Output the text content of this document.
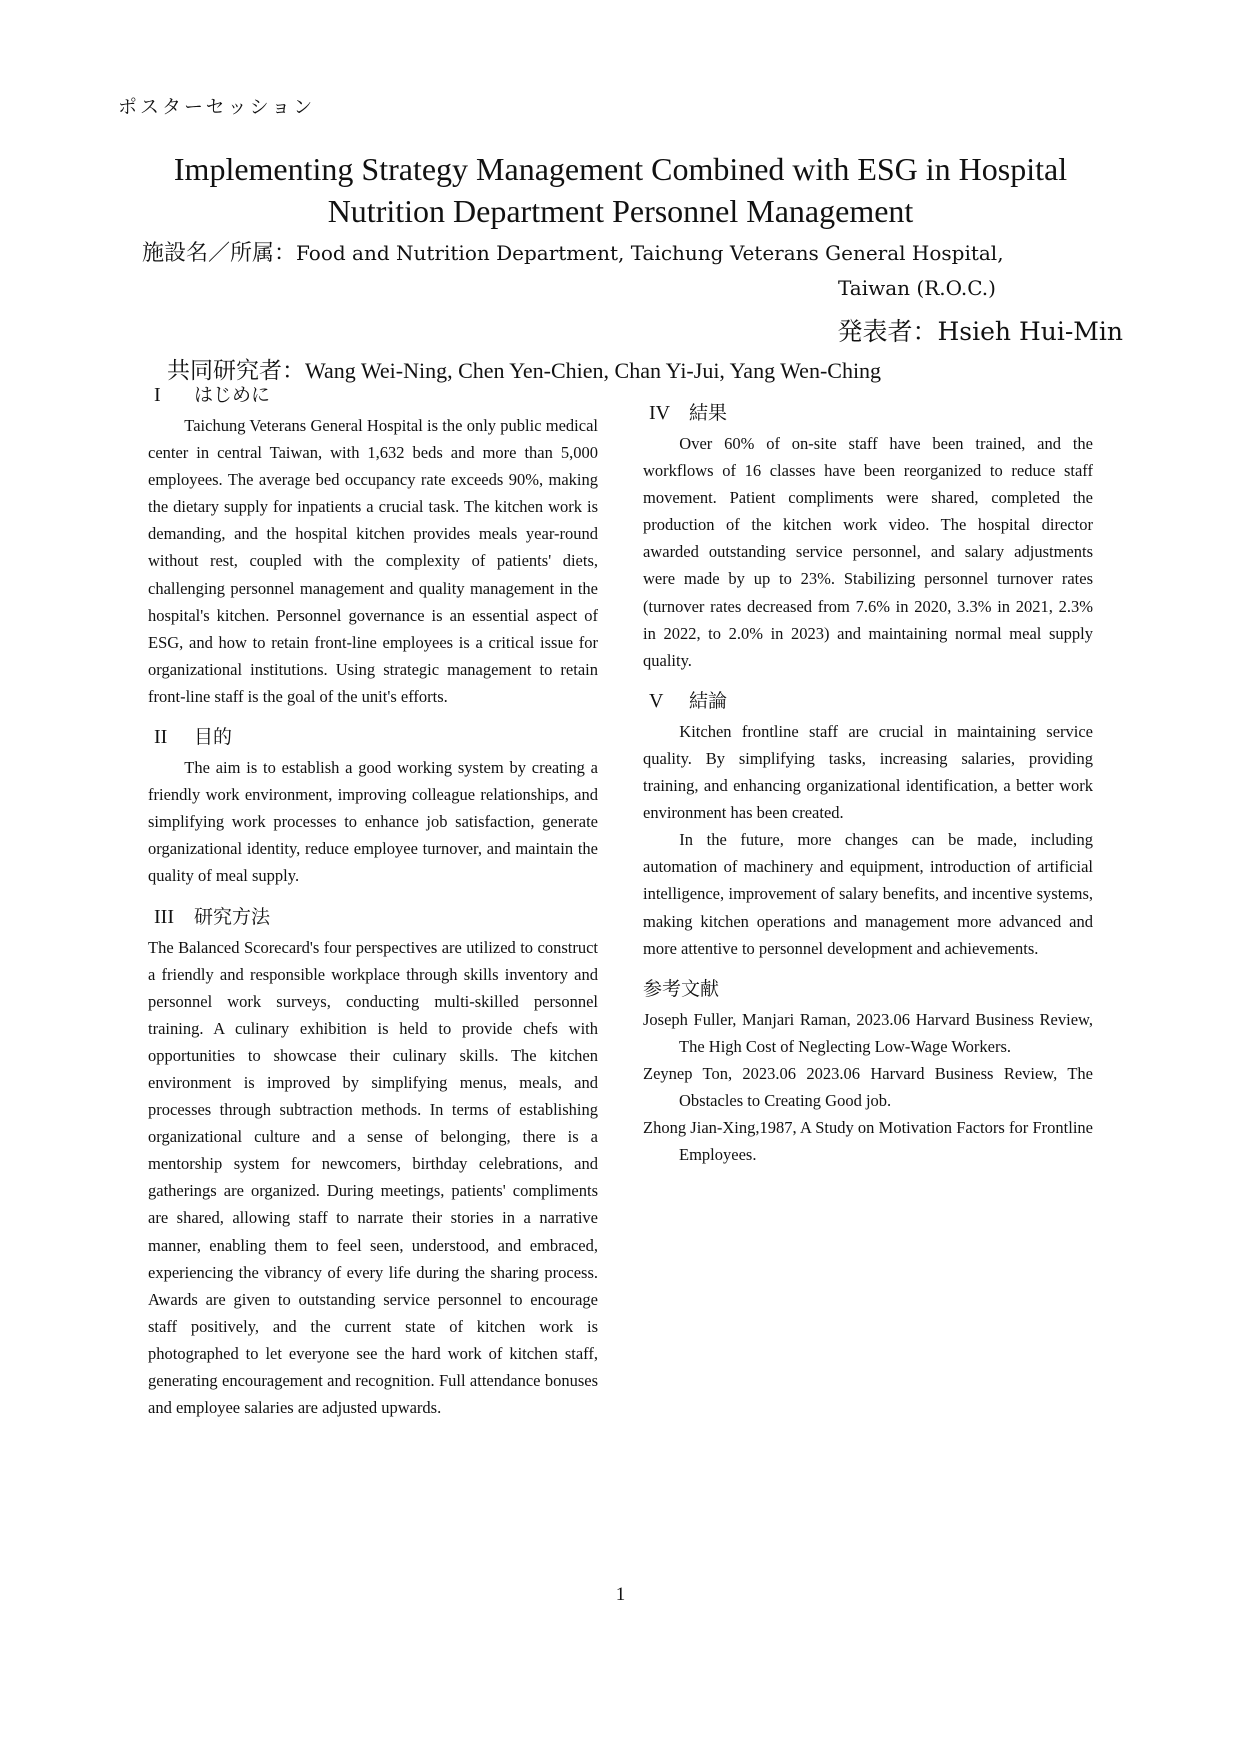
ポスターセッション
Implementing Strategy Management Combined with ESG in Hospital
Nutrition Department Personnel Management
施設名／所属：Food and Nutrition Department, Taichung Veterans General Hospital,
Taiwan (R.O.C.)
発表者：Hsieh Hui-Min
共同研究者：Wang Wei-Ning, Chen Yen-Chien, Chan Yi-Jui, Yang Wen-Ching
I はじめに

Taichung Veterans General Hospital is the only public medical center in central Taiwan, with 1,632 beds and more than 5,000 employees. The average bed occupancy rate exceeds 90%, making the dietary supply for inpatients a crucial task. The kitchen work is demanding, and the hospital kitchen provides meals year-round without rest, coupled with the complexity of patients' diets, challenging personnel management and quality management in the hospital's kitchen. Personnel governance is an essential aspect of ESG, and how to retain front-line employees is a critical issue for organizational institutions. Using strategic management to retain front-line staff is the goal of the unit's efforts.

II 目的

The aim is to establish a good working system by creating a friendly work environment, improving colleague relationships, and simplifying work processes to enhance job satisfaction, generate organizational identity, reduce employee turnover, and maintain the quality of meal supply.

III 研究方法

The Balanced Scorecard's four perspectives are utilized to construct a friendly and responsible workplace through skills inventory and personnel work surveys, conducting multi-skilled personnel training. A culinary exhibition is held to provide chefs with opportunities to showcase their culinary skills. The kitchen environment is improved by simplifying menus, meals, and processes through subtraction methods. In terms of establishing organizational culture and a sense of belonging, there is a mentorship system for newcomers, birthday celebrations, and gatherings are organized. During meetings, patients' compliments are shared, allowing staff to narrate their stories in a narrative manner, enabling them to feel seen, understood, and embraced, experiencing the vibrancy of every life during the sharing process. Awards are given to outstanding service personnel to encourage staff positively, and the current state of kitchen work is photographed to let everyone see the hard work of kitchen staff, generating encouragement and recognition. Full attendance bonuses and employee salaries are adjusted upwards.

IV 結果

Over 60% of on-site staff have been trained, and the workflows of 16 classes have been reorganized to reduce staff movement. Patient compliments were shared, completed the production of the kitchen work video. The hospital director awarded outstanding service personnel, and salary adjustments were made by up to 23%. Stabilizing personnel turnover rates (turnover rates decreased from 7.6% in 2020, 3.3% in 2021, 2.3% in 2022, to 2.0% in 2023) and maintaining normal meal supply quality.

V 結論

Kitchen frontline staff are crucial in maintaining service quality. By simplifying tasks, increasing salaries, providing training, and enhancing organizational identification, a better work environment has been created.

In the future, more changes can be made, including automation of machinery and equipment, introduction of artificial intelligence, improvement of salary benefits, and incentive systems, making kitchen operations and management more advanced and more attentive to personnel development and achievements.

参考文献

Joseph Fuller, Manjari Raman, 2023.06 Harvard Business Review, The High Cost of Neglecting Low-Wage Workers.

Zeynep Ton, 2023.06 2023.06 Harvard Business Review, The Obstacles to Creating Good job.

Zhong Jian-Xing,1987, A Study on Motivation Factors for Frontline Employees.

1
